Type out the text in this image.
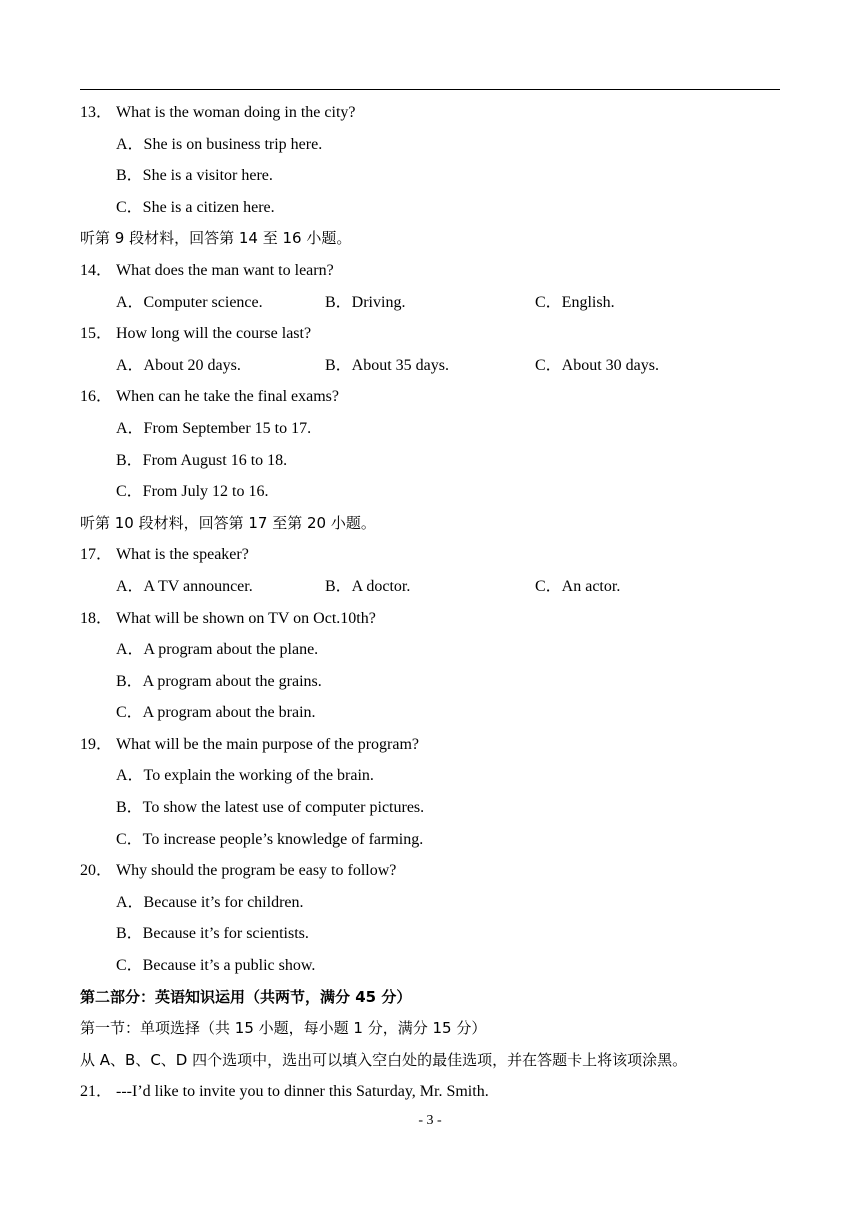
13． What is the woman doing in the city?
A．She is on business trip here.
B．She is a visitor here.
C．She is a citizen here.
听第 9 段材料，回答第 14 至 16 小题。
14． What does the man want to learn?
A．Computer science.	B．Driving.	C．English.
15． How long will the course last?
A．About 20 days.	B．About 35 days.	C．About 30 days.
16． When can he take the final exams?
A．From September 15 to 17.
B．From August 16 to 18.
C．From July 12 to 16.
听第 10 段材料，回答第 17 至第 20 小题。
17． What is the speaker?
A．A TV announcer.	B．A doctor.	C．An actor.
18． What will be shown on TV on Oct.10th?
A．A program about the plane.
B．A program about the grains.
C．A program about the brain.
19． What will be the main purpose of the program?
A．To explain the working of the brain.
B．To show the latest use of computer pictures.
C．To increase people’s knowledge of farming.
20． Why should the program be easy to follow?
A．Because it’s for children.
B．Because it’s for scientists.
C．Because it’s a public show.
第二部分：英语知识运用（共两节，满分 45 分）
第一节：单项选择（共 15 小题，每小题 1 分，满分 15 分）
从 A、B、C、D 四个选项中，选出可以填入空白处的最佳选项，并在答题卡上将该项涂黑。
21． ---I’d like to invite you to dinner this Saturday, Mr. Smith.
- 3 -
